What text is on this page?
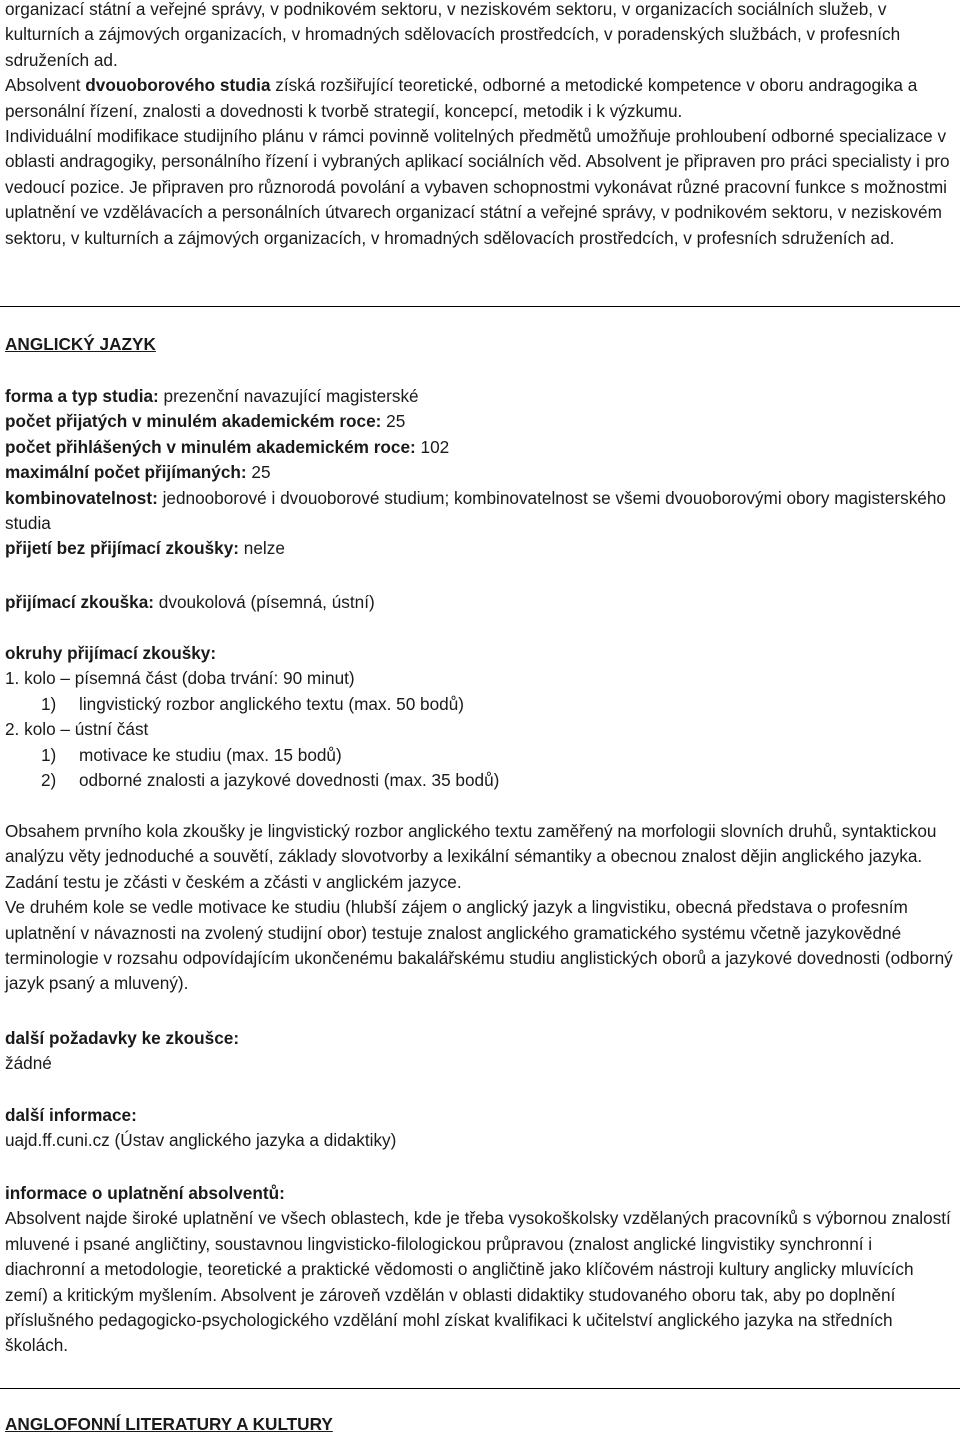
organizací státní a veřejné správy, v podnikovém sektoru, v neziskovém sektoru, v organizacích sociálních služeb, v kulturních a zájmových organizacích, v hromadných sdělovacích prostředcích, v poradenských službách, v profesních sdruženích ad.

Absolvent dvouoborového studia získá rozšiřující teoretické, odborné a metodické kompetence v oboru andragogika a personální řízení, znalosti a dovednosti k tvorbě strategií, koncepcí, metodik i k výzkumu.

Individuální modifikace studijního plánu v rámci povinně volitelných předmětů umožňuje prohloubení odborné specializace v oblasti andragogiky, personálního řízení i vybraných aplikací sociálních věd. Absolvent je připraven pro práci specialisty i pro vedoucí pozice. Je připraven pro různorodá povolání a vybaven schopnostmi vykonávat různé pracovní funkce s možnostmi uplatnění ve vzdělávacích a personálních útvarech organizací státní a veřejné správy, v podnikovém sektoru, v neziskovém sektoru, v kulturních a zájmových organizacích, v hromadných sdělovacích prostředcích, v profesních sdruženích ad.

ANGLICKÝ JAZYK

forma a typ studia: prezenční navazující magisterské

počet přijatých v minulém akademickém roce: 25

počet přihlášených v minulém akademickém roce: 102

maximální počet přijímaných: 25

kombinovatelnost: jednooborové i dvouoborové studium; kombinovatelnost se všemi dvouoborovými obory magisterského studia

přijetí bez přijímací zkoušky: nelze

přijímací zkouška: dvoukolová (písemná, ústní)

okruhy přijímací zkoušky:

1. kolo – písemná část (doba trvání: 90 minut)

1) lingvistický rozbor anglického textu (max. 50 bodů)

2. kolo – ústní část

1) motivace ke studiu (max. 15 bodů)

2) odborné znalosti a jazykové dovednosti (max. 35 bodů)

Obsahem prvního kola zkoušky je lingvistický rozbor anglického textu zaměřený na morfologii slovních druhů, syntaktickou analýzu věty jednoduché a souvětí, základy slovotvorby a lexikální sémantiky a obecnou znalost dějin anglického jazyka. Zadání testu je zčásti v českém a zčásti v anglickém jazyce.

Ve druhém kole se vedle motivace ke studiu (hlubší zájem o anglický jazyk a lingvistiku, obecná představa o profesním uplatnění v návaznosti na zvolený studijní obor) testuje znalost anglického gramatického systému včetně jazykovědné terminologie v rozsahu odpovídajícím ukončenému bakalářskému studiu anglistických oborů a jazykové dovednosti (odborný jazyk psaný a mluvený).

další požadavky ke zkoušce:

žádné

další informace:

uajd.ff.cuni.cz (Ústav anglického jazyka a didaktiky)

informace o uplatnění absolventů:

Absolvent najde široké uplatnění ve všech oblastech, kde je třeba vysokoškolsky vzdělaných pracovníků s výbornou znalostí mluvené i psané angličtiny, soustavnou lingvisticko-filologickou průpravou (znalost anglické lingvistiky synchronní i diachronní a metodologie, teoretické a praktické vědomosti o angličtině jako klíčovém nástroji kultury anglicky mluvících zemí) a kritickým myšlením. Absolvent je zároveň vzdělán v oblasti didaktiky studovaného oboru tak, aby po doplnění příslušného pedagogicko-psychologického vzdělání mohl získat kvalifikaci k učitelství anglického jazyka na středních školách.

ANGLOFONNÍ LITERATURY A KULTURY
